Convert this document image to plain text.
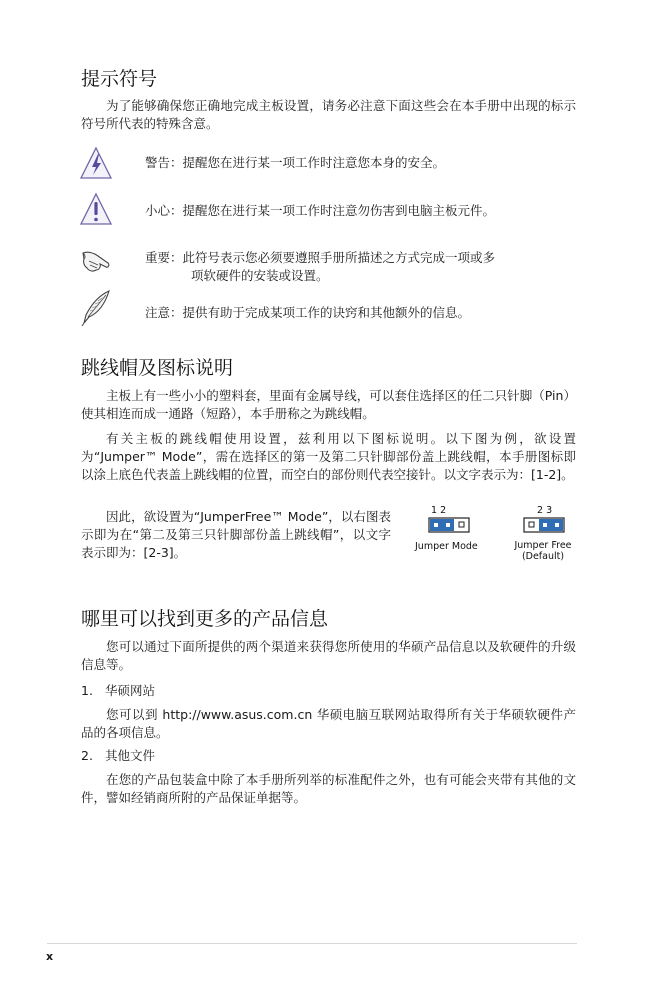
提示符号

为了能够确保您正确地完成主板设置，请务必注意下面这些会在本手册中出现的标示符号所代表的特殊含意。

警告：提醒您在进行某一项工作时注意您本身的安全。
小心：提醒您在进行某一项工作时注意勿伤害到电脑主板元件。
重要：此符号表示您必须要遵照手册所描述之方式完成一项或多
项软硬件的安装或设置。
注意：提供有助于完成某项工作的诀窍和其他额外的信息。
跳线帽及图标说明

主板上有一些小小的塑料套，里面有金属导线，可以套住选择区的任二只针脚（Pin）使其相连而成一通路（短路），本手册称之为跳线帽。

有关主板的跳线帽使用设置，兹利用以下图标说明。以下图为例，欲设置为“Jumper™ Mode”，需在选择区的第一及第二只针脚部份盖上跳线帽，本手册图标即以涂上底色代表盖上跳线帽的位置，而空白的部份则代表空接针。以文字表示为：[1-2]。

因此，欲设置为“JumperFree™ Mode”，以右图表示即为在“第二及第三只针脚部份盖上跳线帽”，以文字表示即为：[2-3]。

1 2
Jumper Mode
2 3
Jumper Free
(Default)
哪里可以找到更多的产品信息

您可以通过下面所提供的两个渠道来获得您所使用的华硕产品信息以及软硬件的升级信息等。

1. 华硕网站

您可以到 http://www.asus.com.cn 华硕电脑互联网站取得所有关于华硕软硬件产品的各项信息。

2. 其他文件

在您的产品包装盒中除了本手册所列举的标准配件之外，也有可能会夹带有其他的文件，譬如经销商所附的产品保证单据等。

x
